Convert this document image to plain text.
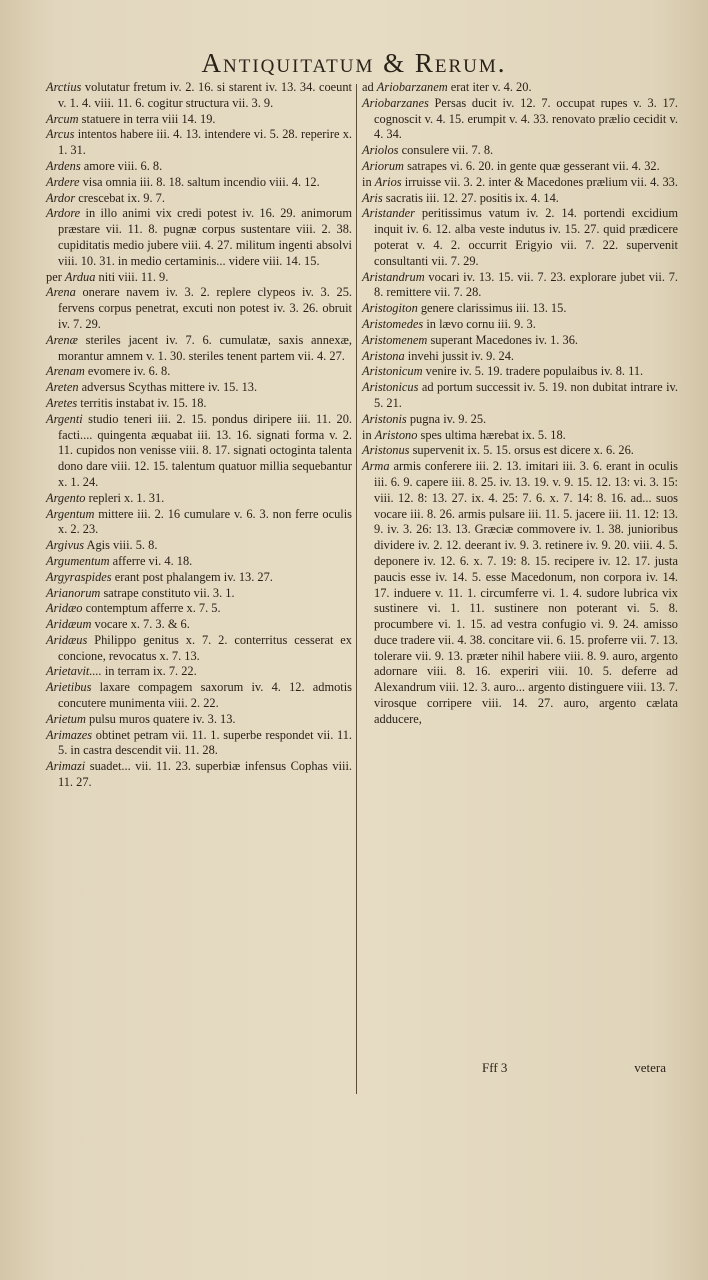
Antiquitatum & Rerum.

Arctius volutatur fretum iv. 2. 16. si starent iv. 13. 34. coeunt v. 1. 4. viii. 11. 6. cogitur structura vii. 3. 9.

Arcum statuere in terra viii 14. 19.

Arcus intentos habere iii. 4. 13. intendere vi. 5. 28. reperire x. 1. 31.

Ardens amore viii. 6. 8.

Ardere visa omnia iii. 8. 18. saltum incendio viii. 4. 12.

Ardor crescebat ix. 9. 7.

Ardore in illo animi vix credi potest iv. 16. 29. animorum præstare vii. 11. 8. pugnæ corpus sustentare viii. 2. 38. cupiditatis medio jubere viii. 4. 27. militum ingenti absolvi viii. 10. 31. in medio certaminis... videre viii. 14. 15.

per Ardua niti viii. 11. 9.

Arena onerare navem iv. 3. 2. replere clypeos iv. 3. 25. fervens corpus penetrat, excuti non potest iv. 3. 26. obruit iv. 7. 29.

Arenæ steriles jacent iv. 7. 6. cumulatæ, saxis annexæ, morantur amnem v. 1. 30. steriles tenent partem vii. 4. 27.

Arenam evomere iv. 6. 8.

Areten adversus Scythas mittere iv. 15. 13.

Aretes territis instabat iv. 15. 18.

Argenti studio teneri iii. 2. 15. pondus diripere iii. 11. 20. facti.... quingenta æquabat iii. 13. 16. signati forma v. 2. 11. cupidos non venisse viii. 8. 17. signati octoginta talenta dono dare viii. 12. 15. talentum quatuor millia sequebantur x. 1. 24.

Argento repleri x. 1. 31.

Argentum mittere iii. 2. 16 cumulare v. 6. 3. non ferre oculis x. 2. 23.

Argivus Agis viii. 5. 8.

Argumentum afferre vi. 4. 18.

Argyraspides erant post phalangem iv. 13. 27.

Arianorum satrape constituto vii. 3. 1.

Aridæo contemptum afferre x. 7. 5.

Aridæum vocare x. 7. 3. & 6.

Aridæus Philippo genitus x. 7. 2. conterritus cesserat ex concione, revocatus x. 7. 13.

Arietavit.... in terram ix. 7. 22.

Arietibus laxare compagem saxorum iv. 4. 12. admotis concutere munimenta viii. 2. 22.

Arietum pulsu muros quatere iv. 3. 13.

Arimazes obtinet petram vii. 11. 1. superbe respondet vii. 11. 5. in castra descendit vii. 11. 28.

Arimazi suadet... vii. 11. 23. superbiæ infensus Cophas viii. 11. 27.

ad Ariobarzanem erat iter v. 4. 20.

Ariobarzanes Persas ducit iv. 12. 7. occupat rupes v. 3. 17. cognoscit v. 4. 15. erumpit v. 4. 33. renovato prælio cecidit v. 4. 34.

Ariolos consulere vii. 7. 8.

Ariorum satrapes vi. 6. 20. in gente quæ gesserant vii. 4. 32.

in Arios irruisse vii. 3. 2. inter & Macedones prælium vii. 4. 33.

Aris sacratis iii. 12. 27. positis ix. 4. 14.

Aristander peritissimus vatum iv. 2. 14. portendi excidium inquit iv. 6. 12. alba veste indutus iv. 15. 27. quid prædicere poterat v. 4. 2. occurrit Erigyio vii. 7. 22. supervenit consultanti vii. 7. 29.

Aristandrum vocari iv. 13. 15. vii. 7. 23. explorare jubet vii. 7. 8. remittere vii. 7. 28.

Aristogiton genere clarissimus iii. 13. 15.

Aristomedes in lævo cornu iii. 9. 3.

Aristomenem superant Macedones iv. 1. 36.

Aristona invehi jussit iv. 9. 24.

Aristonicum venire iv. 5. 19. tradere populaibus iv. 8. 11.

Aristonicus ad portum successit iv. 5. 19. non dubitat intrare iv. 5. 21.

Aristonis pugna iv. 9. 25.

in Aristono spes ultima hærebat ix. 5. 18.

Aristonus supervenit ix. 5. 15. orsus est dicere x. 6. 26.

Arma armis conferere iii. 2. 13. imitari iii. 3. 6. erant in oculis iii. 6. 9. capere iii. 8. 25. iv. 13. 19. v. 9. 15. 12. 13: vi. 3. 15: viii. 12. 8: 13. 27. ix. 4. 25: 7. 6. x. 7. 14: 8. 16. ad... suos vocare iii. 8. 26. armis pulsare iii. 11. 5. jacere iii. 11. 12: 13. 9. iv. 3. 26: 13. 13. Græciæ commovere iv. 1. 38. junioribus dividere iv. 2. 12. deerant iv. 9. 3. retinere iv. 9. 20. viii. 4. 5. deponere iv. 12. 6. x. 7. 19: 8. 15. recipere iv. 12. 17. justa paucis esse iv. 14. 5. esse Macedonum, non corpora iv. 14. 17. induere v. 11. 1. circumferre vi. 1. 4. sudore lubrica vix sustinere vi. 1. 11. sustinere non poterant vi. 5. 8. procumbere vi. 1. 15. ad vestra confugio vi. 9. 24. amisso duce tradere vii. 4. 38. concitare vii. 6. 15. proferre vii. 7. 13. tolerare vii. 9. 13. præter nihil habere viii. 8. 9. auro, argento adornare viii. 8. 16. experiri viii. 10. 5. deferre ad Alexandrum viii. 12. 3. auro... argento distinguere viii. 13. 7. virosque corripere viii. 14. 27. auro, argento cælata adducere,

Fff 3	vetera
